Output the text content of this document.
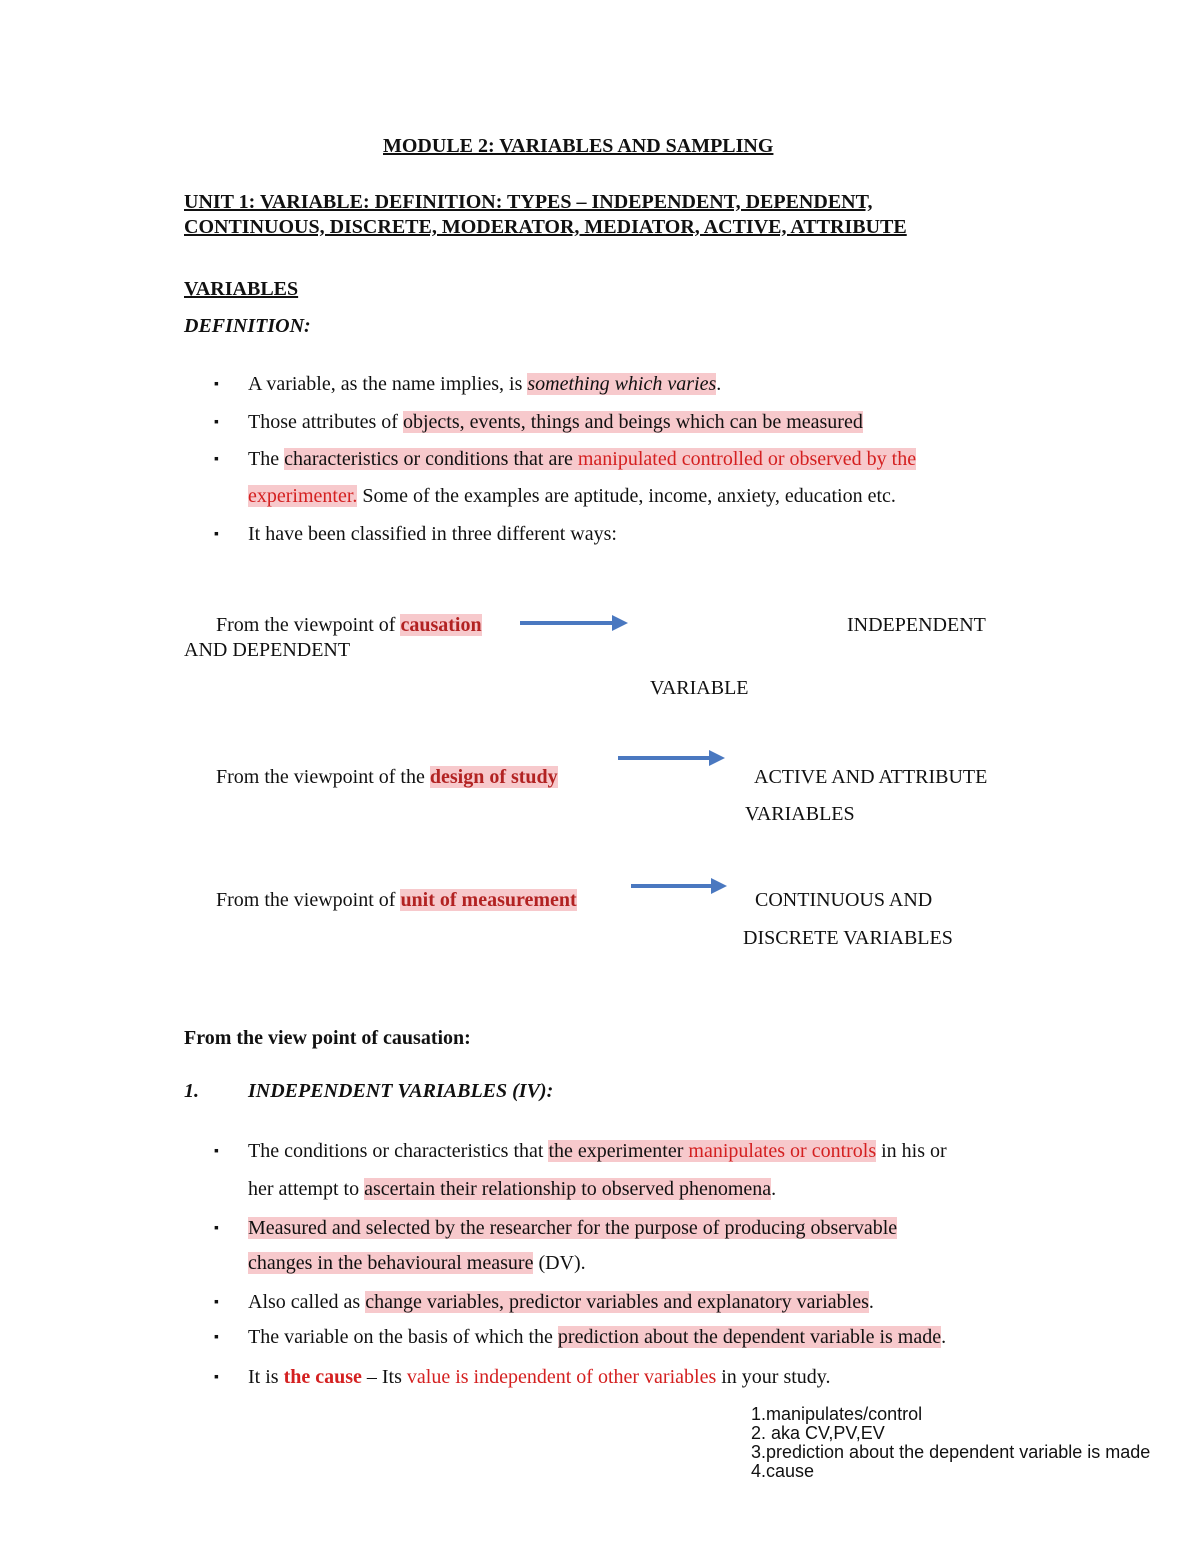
MODULE 2: VARIABLES AND SAMPLING
UNIT 1: VARIABLE: DEFINITION: TYPES – INDEPENDENT, DEPENDENT,
CONTINUOUS, DISCRETE, MODERATOR, MEDIATOR, ACTIVE, ATTRIBUTE
VARIABLES
DEFINITION:
▪
A variable, as the name implies, is something which varies.
▪
Those attributes of objects, events, things and beings which can be measured
▪
The characteristics or conditions that are manipulated controlled or observed by the
experimenter. Some of the examples are aptitude, income, anxiety, education etc.
▪
It have been classified in three different ways:
From the viewpoint of causation	INDEPENDENT
AND DEPENDENT
VARIABLE
From the viewpoint of the design of study	ACTIVE AND ATTRIBUTE
VARIABLES
From the viewpoint of unit of measurement	CONTINUOUS AND
DISCRETE VARIABLES
From the view point of causation:
1. INDEPENDENT VARIABLES (IV):
▪
The conditions or characteristics that the experimenter manipulates or controls in his or
her attempt to ascertain their relationship to observed phenomena.
▪
Measured and selected by the researcher for the purpose of producing observable
changes in the behavioural measure (DV).
▪
Also called as change variables, predictor variables and explanatory variables.
▪
The variable on the basis of which the prediction about the dependent variable is made.
▪
It is the cause – Its value is independent of other variables in your study.
1.manipulates/control
2. aka CV,PV,EV
3.prediction about the dependent variable is made
4.cause
